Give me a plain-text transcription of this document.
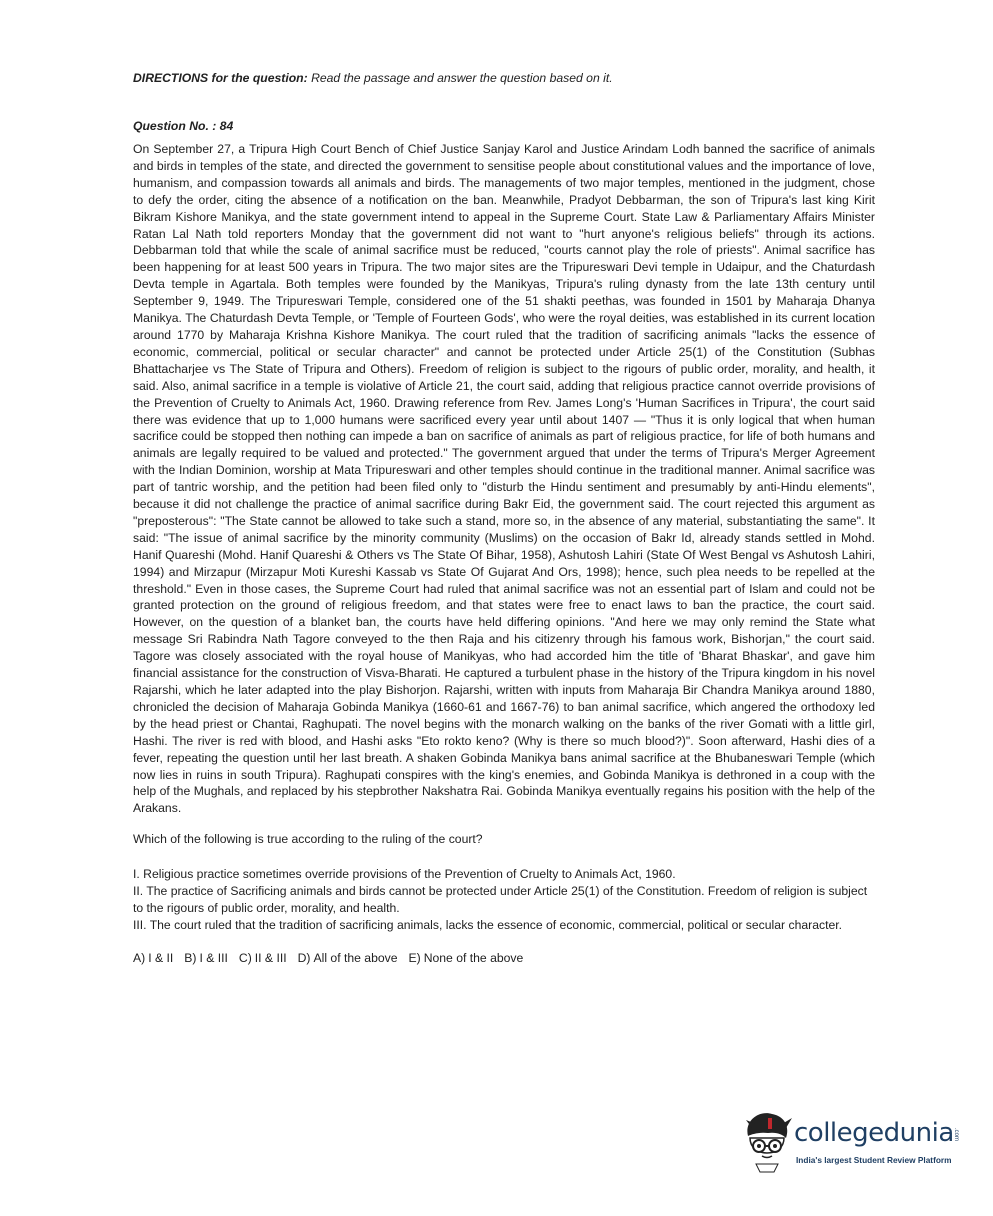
DIRECTIONS for the question: Read the passage and answer the question based on it.

Question No. : 84

On September 27, a Tripura High Court Bench of Chief Justice Sanjay Karol and Justice Arindam Lodh banned the sacrifice of animals and birds in temples of the state, and directed the government to sensitise people about constitutional values and the importance of love, humanism, and compassion towards all animals and birds. The managements of two major temples, mentioned in the judgment, chose to defy the order, citing the absence of a notification on the ban. Meanwhile, Pradyot Debbarman, the son of Tripura's last king Kirit Bikram Kishore Manikya, and the state government intend to appeal in the Supreme Court. State Law & Parliamentary Affairs Minister Ratan Lal Nath told reporters Monday that the government did not want to "hurt anyone's religious beliefs" through its actions. Debbarman told that while the scale of animal sacrifice must be reduced, "courts cannot play the role of priests". Animal sacrifice has been happening for at least 500 years in Tripura. The two major sites are the Tripureswari Devi temple in Udaipur, and the Chaturdash Devta temple in Agartala. Both temples were founded by the Manikyas, Tripura's ruling dynasty from the late 13th century until September 9, 1949. The Tripureswari Temple, considered one of the 51 shakti peethas, was founded in 1501 by Maharaja Dhanya Manikya. The Chaturdash Devta Temple, or 'Temple of Fourteen Gods', who were the royal deities, was established in its current location around 1770 by Maharaja Krishna Kishore Manikya. The court ruled that the tradition of sacrificing animals "lacks the essence of economic, commercial, political or secular character" and cannot be protected under Article 25(1) of the Constitution (Subhas Bhattacharjee vs The State of Tripura and Others). Freedom of religion is subject to the rigours of public order, morality, and health, it said. Also, animal sacrifice in a temple is violative of Article 21, the court said, adding that religious practice cannot override provisions of the Prevention of Cruelty to Animals Act, 1960. Drawing reference from Rev. James Long's 'Human Sacrifices in Tripura', the court said there was evidence that up to 1,000 humans were sacrificed every year until about 1407 — "Thus it is only logical that when human sacrifice could be stopped then nothing can impede a ban on sacrifice of animals as part of religious practice, for life of both humans and animals are legally required to be valued and protected." The government argued that under the terms of Tripura's Merger Agreement with the Indian Dominion, worship at Mata Tripureswari and other temples should continue in the traditional manner. Animal sacrifice was part of tantric worship, and the petition had been filed only to "disturb the Hindu sentiment and presumably by anti-Hindu elements", because it did not challenge the practice of animal sacrifice during Bakr Eid, the government said. The court rejected this argument as "preposterous": "The State cannot be allowed to take such a stand, more so, in the absence of any material, substantiating the same". It said: "The issue of animal sacrifice by the minority community (Muslims) on the occasion of Bakr Id, already stands settled in Mohd. Hanif Quareshi (Mohd. Hanif Quareshi & Others vs The State Of Bihar, 1958), Ashutosh Lahiri (State Of West Bengal vs Ashutosh Lahiri, 1994) and Mirzapur (Mirzapur Moti Kureshi Kassab vs State Of Gujarat And Ors, 1998); hence, such plea needs to be repelled at the threshold." Even in those cases, the Supreme Court had ruled that animal sacrifice was not an essential part of Islam and could not be granted protection on the ground of religious freedom, and that states were free to enact laws to ban the practice, the court said. However, on the question of a blanket ban, the courts have held differing opinions. "And here we may only remind the State what message Sri Rabindra Nath Tagore conveyed to the then Raja and his citizenry through his famous work, Bishorjan," the court said. Tagore was closely associated with the royal house of Manikyas, who had accorded him the title of 'Bharat Bhaskar', and gave him financial assistance for the construction of Visva-Bharati. He captured a turbulent phase in the history of the Tripura kingdom in his novel Rajarshi, which he later adapted into the play Bishorjon. Rajarshi, written with inputs from Maharaja Bir Chandra Manikya around 1880, chronicled the decision of Maharaja Gobinda Manikya (1660-61 and 1667-76) to ban animal sacrifice, which angered the orthodoxy led by the head priest or Chantai, Raghupati. The novel begins with the monarch walking on the banks of the river Gomati with a little girl, Hashi. The river is red with blood, and Hashi asks "Eto rokto keno? (Why is there so much blood?)". Soon afterward, Hashi dies of a fever, repeating the question until her last breath. A shaken Gobinda Manikya bans animal sacrifice at the Bhubaneswari Temple (which now lies in ruins in south Tripura). Raghupati conspires with the king's enemies, and Gobinda Manikya is dethroned in a coup with the help of the Mughals, and replaced by his stepbrother Nakshatra Rai. Gobinda Manikya eventually regains his position with the help of the Arakans.

Which of the following is true according to the ruling of the court?

I. Religious practice sometimes override provisions of the Prevention of Cruelty to Animals Act, 1960.

II. The practice of Sacrificing animals and birds cannot be protected under Article 25(1) of the Constitution. Freedom of religion is subject to the rigours of public order, morality, and health.

III. The court ruled that the tradition of sacrificing animals, lacks the essence of economic, commercial, political or secular character.

A) I & II B) I & III C) II & III D) All of the above E) None of the above
collegedunia .com
India's largest Student Review Platform
